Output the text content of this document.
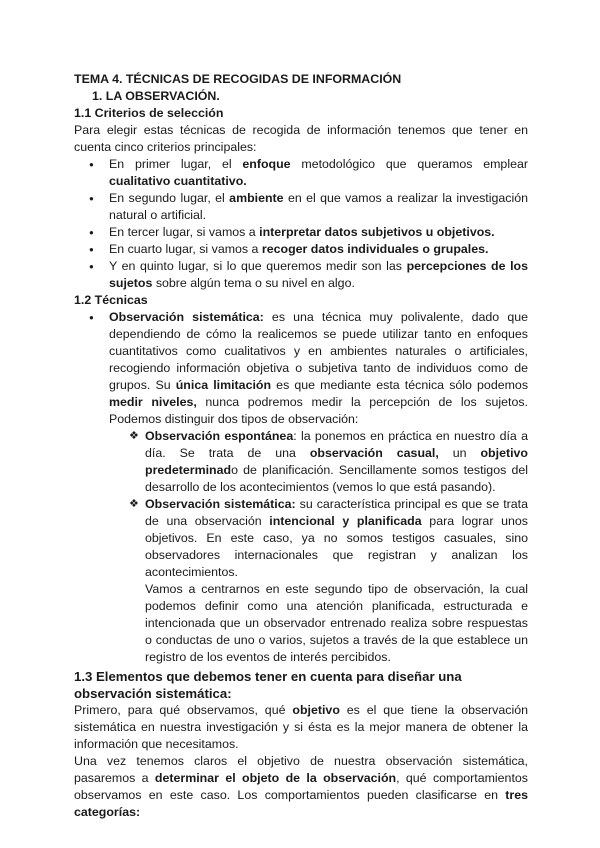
TEMA 4. TÉCNICAS DE RECOGIDAS DE INFORMACIÓN
1. LA OBSERVACIÓN.
1.1 Criterios de selección
Para elegir estas técnicas de recogida de información tenemos que tener en cuenta cinco criterios principales:
● En primer lugar, el enfoque metodológico que queramos emplear cualitativo cuantitativo.
● En segundo lugar, el ambiente en el que vamos a realizar la investigación natural o artificial.
● En tercer lugar, si vamos a interpretar datos subjetivos u objetivos.
● En cuarto lugar, si vamos a recoger datos individuales o grupales.
● Y en quinto lugar, si lo que queremos medir son las percepciones de los sujetos sobre algún tema o su nivel en algo.
1.2 Técnicas
● Observación sistemática: es una técnica muy polivalente, dado que dependiendo de cómo la realicemos se puede utilizar tanto en enfoques cuantitativos como cualitativos y en ambientes naturales o artificiales, recogiendo información objetiva o subjetiva tanto de individuos como de grupos. Su única limitación es que mediante esta técnica sólo podemos medir niveles, nunca podremos medir la percepción de los sujetos. Podemos distinguir dos tipos de observación:
❖ Observación espontánea: la ponemos en práctica en nuestro día a día. Se trata de una observación casual, un objetivo predeterminado de planificación. Sencillamente somos testigos del desarrollo de los acontecimientos (vemos lo que está pasando).
❖ Observación sistemática: su característica principal es que se trata de una observación intencional y planificada para lograr unos objetivos. En este caso, ya no somos testigos casuales, sino observadores internacionales que registran y analizan los acontecimientos.
Vamos a centrarnos en este segundo tipo de observación, la cual podemos definir como una atención planificada, estructurada e intencionada que un observador entrenado realiza sobre respuestas o conductas de uno o varios, sujetos a través de la que establece un registro de los eventos de interés percibidos.
1.3 Elementos que debemos tener en cuenta para diseñar una observación sistemática:
Primero, para qué observamos, qué objetivo es el que tiene la observación sistemática en nuestra investigación y si ésta es la mejor manera de obtener la información que necesitamos.
Una vez tenemos claros el objetivo de nuestra observación sistemática, pasaremos a determinar el objeto de la observación, qué comportamientos observamos en este caso. Los comportamientos pueden clasificarse en tres categorías:
